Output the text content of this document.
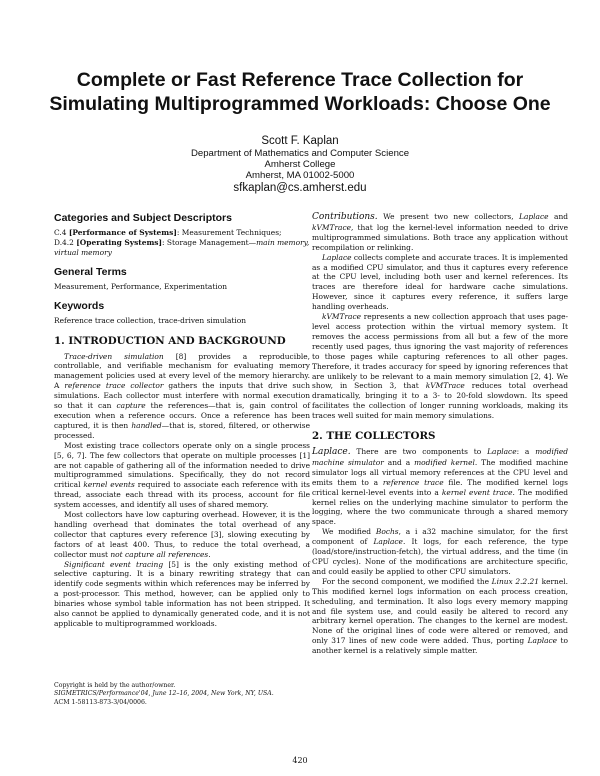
Complete or Fast Reference Trace Collection for
Simulating Multiprogrammed Workloads: Choose One
Scott F. Kaplan
Department of Mathematics and Computer Science
Amherst College
Amherst, MA 01002-5000
sfkaplan@cs.amherst.edu
Categories and Subject Descriptors

C.4 [Performance of Systems]: Measurement Techniques;
D.4.2 [Operating Systems]: Storage Management—main memory, virtual memory

General Terms

Measurement, Performance, Experimentation

Keywords

Reference trace collection, trace-driven simulation

1. INTRODUCTION AND BACKGROUND

Trace-driven simulation [8] provides a reproducible, controllable, and verifiable mechanism for evaluating memory management policies used at every level of the memory hierarchy. A reference trace collector gathers the inputs that drive such simulations. Each collector must interfere with normal execution so that it can capture the references—that is, gain control of execution when a reference occurs. Once a reference has been captured, it is then handled—that is, stored, filtered, or otherwise processed.

Most existing trace collectors operate only on a single process [5, 6, 7]. The few collectors that operate on multiple processes [1] are not capable of gathering all of the information needed to drive multiprogrammed simulations. Specifically, they do not record critical kernel events required to associate each reference with its thread, associate each thread with its process, account for file system accesses, and identify all uses of shared memory.

Most collectors have low capturing overhead. However, it is the handling overhead that dominates the total overhead of any collector that captures every reference [3], slowing executing by factors of at least 400. Thus, to reduce the total overhead, a collector must not capture all references.

Significant event tracing [5] is the only existing method of selective capturing. It is a binary rewriting strategy that can identify code segments within which references may be inferred by a post-processor. This method, however, can be applied only to binaries whose symbol table information has not been stripped. It also cannot be applied to dynamically generated code, and it is not applicable to multiprogrammed workloads.

Copyright is held by the author/owner.

SIGMETRICS/Performance'04, June 12–16, 2004, New York, NY, USA.

ACM 1-58113-873-3/04/0006.

Contributions. We present two new collectors, Laplace and kVMTrace, that log the kernel-level information needed to drive multiprogrammed simulations. Both trace any application without recompilation or relinking.

Laplace collects complete and accurate traces. It is implemented as a modified CPU simulator, and thus it captures every reference at the CPU level, including both user and kernel references. Its traces are therefore ideal for hardware cache simulations. However, since it captures every reference, it suffers large handling overheads.

kVMTrace represents a new collection approach that uses page-level access protection within the virtual memory system. It removes the access permissions from all but a few of the more recently used pages, thus ignoring the vast majority of references to those pages while capturing references to all other pages. Therefore, it trades accuracy for speed by ignoring references that are unlikely to be relevant to a main memory simulation [2, 4]. We show, in Section 3, that kVMTrace reduces total overhead dramatically, bringing it to a 3- to 20-fold slowdown. Its speed facilitates the collection of longer running workloads, making its traces well suited for main memory simulations.

2. THE COLLECTORS

Laplace. There are two components to Laplace: a modified machine simulator and a modified kernel. The modified machine simulator logs all virtual memory references at the CPU level and emits them to a reference trace file. The modified kernel logs critical kernel-level events into a kernel event trace. The modified kernel relies on the underlying machine simulator to perform the logging, where the two communicate through a shared memory space.

We modified Bochs, a i a32 machine simulator, for the first component of Laplace. It logs, for each reference, the type (load/store/instruction-fetch), the virtual address, and the time (in CPU cycles). None of the modifications are architecture specific, and could easily be applied to other CPU simulators.

For the second component, we modified the Linux 2.2.21 kernel. This modified kernel logs information on each process creation, scheduling, and termination. It also logs every memory mapping and file system use, and could easily be altered to record any arbitrary kernel operation. The changes to the kernel are modest. None of the original lines of code were altered or removed, and only 317 lines of new code were added. Thus, porting Laplace to another kernel is a relatively simple matter.

420
